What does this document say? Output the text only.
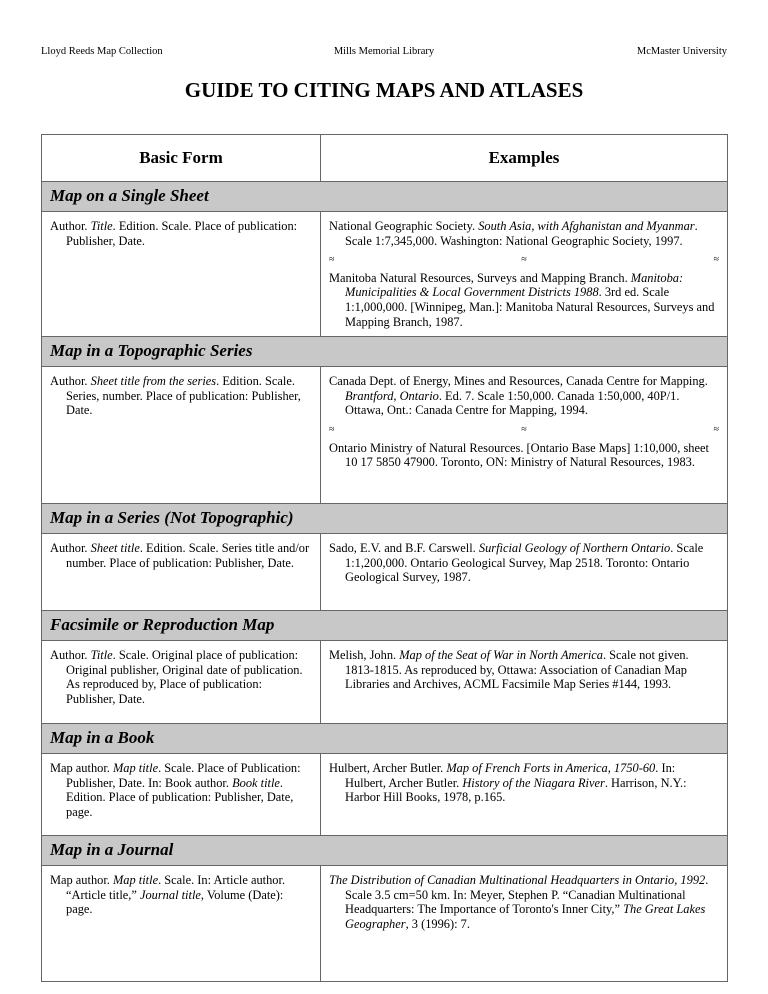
Lloyd Reeds Map Collection	Mills Memorial Library	McMaster University
GUIDE TO CITING MAPS AND ATLASES
Basic Form	Examples
Map on a Single Sheet	

Author. Title. Edition. Scale. Place of publication: Publisher, Date.	National Geographic Society. South Asia, with Afghanistan and Myanmar. Scale 1:7,345,000. Washington: National Geographic Society, 1997.

≈ ≈ ≈

Manitoba Natural Resources, Surveys and Mapping Branch. Manitoba: Municipalities & Local Government Districts 1988. 3rd ed. Scale 1:1,000,000. [Winnipeg, Man.]: Manitoba Natural Resources, Surveys and Mapping Branch, 1987.

Map in a Topographic Series	

Author. Sheet title from the series. Edition. Scale. Series, number. Place of publication: Publisher, Date.	Canada Dept. of Energy, Mines and Resources, Canada Centre for Mapping. Brantford, Ontario. Ed. 7. Scale 1:50,000. Canada 1:50,000, 40P/1. Ottawa, Ont.: Canada Centre for Mapping, 1994.

≈ ≈ ≈

Ontario Ministry of Natural Resources. [Ontario Base Maps] 1:10,000, sheet 10 17 5850 47900. Toronto, ON: Ministry of Natural Resources, 1983.

Map in a Series (Not Topographic)	

Author. Sheet title. Edition. Scale. Series title and/or number. Place of publication: Publisher, Date.	Sado, E.V. and B.F. Carswell. Surficial Geology of Northern Ontario. Scale 1:1,200,000. Ontario Geological Survey, Map 2518. Toronto: Ontario Geological Survey, 1987.

Facsimile or Reproduction Map	

Author. Title. Scale. Original place of publication: Original publisher, Original date of publication. As reproduced by, Place of publication: Publisher, Date.	Melish, John. Map of the Seat of War in North America. Scale not given. 1813-1815. As reproduced by, Ottawa: Association of Canadian Map Libraries and Archives, ACML Facsimile Map Series #144, 1993.

Map in a Book	

Map author. Map title. Scale. Place of Publication: Publisher, Date. In: Book author. Book title. Edition. Place of publication: Publisher, Date, page.	Hulbert, Archer Butler. Map of French Forts in America, 1750-60. In: Hulbert, Archer Butler. History of the Niagara River. Harrison, N.Y.: Harbor Hill Books, 1978, p.165.

Map in a Journal	

Map author. Map title. Scale. In: Article author. “Article title,” Journal title, Volume (Date): page.	The Distribution of Canadian Multinational Headquarters in Ontario, 1992. Scale 3.5 cm=50 km. In: Meyer, Stephen P. “Canadian Multinational Headquarters: The Importance of Toronto's Inner City,” The Great Lakes Geographer, 3 (1996): 7.
